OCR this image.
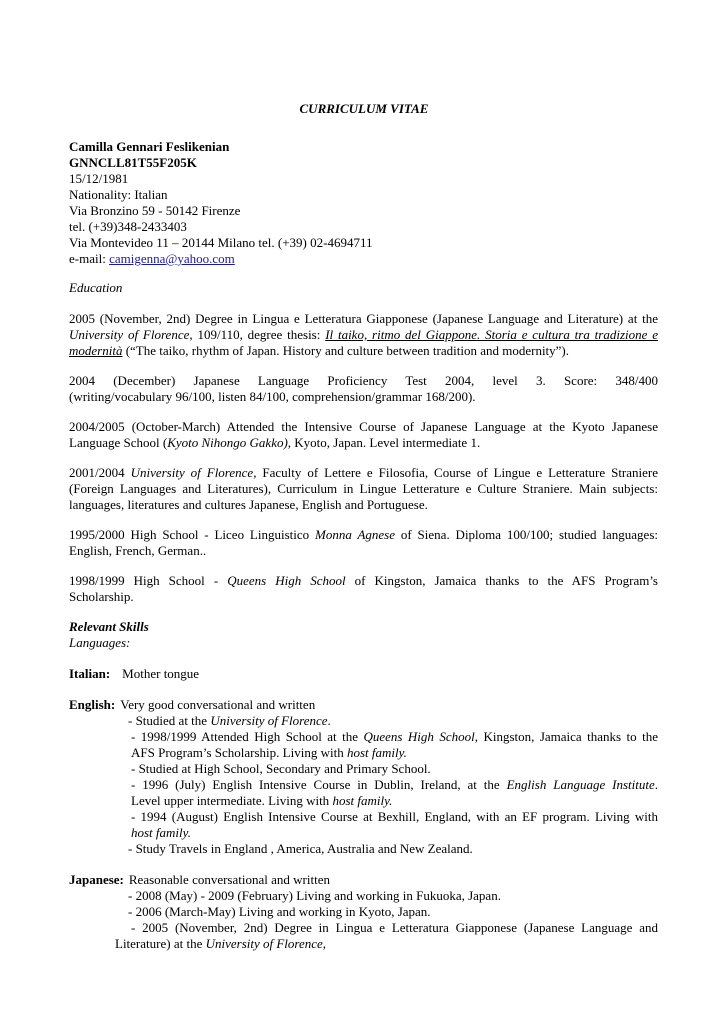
CURRICULUM VITAE
Camilla Gennari Feslikenian
GNNCLL81T55F205K
15/12/1981
Nationality: Italian
Via Bronzino 59 - 50142 Firenze
tel. (+39)348-2433403
Via Montevideo 11 – 20144 Milano tel. (+39) 02-4694711
e-mail: camigenna@yahoo.com
Education
2005 (November, 2nd) Degree in Lingua e Letteratura Giapponese (Japanese Language and Literature) at the
University of Florence, 109/110, degree thesis: Il taiko, ritmo del Giappone. Storia e cultura tra tradizione e
modernità (“The taiko, rhythm of Japan. History and culture between tradition and modernity”).
2004 (December) Japanese Language Proficiency Test 2004, level 3. Score: 348/400
(writing/vocabulary 96/100, listen 84/100, comprehension/grammar 168/200).
2004/2005 (October-March) Attended the Intensive Course of Japanese Language at the Kyoto Japanese
Language School (Kyoto Nihongo Gakko), Kyoto, Japan. Level intermediate 1.
2001/2004 University of Florence, Faculty of Lettere e Filosofia, Course of Lingue e Letterature Straniere
(Foreign Languages and Literatures), Curriculum in Lingue Letterature e Culture Straniere. Main subjects:
languages, literatures and cultures Japanese, English and Portuguese.
1995/2000 High School - Liceo Linguistico Monna Agnese of Siena. Diploma 100/100; studied languages:
English, French, German..
1998/1999 High School - Queens High School of Kingston, Jamaica thanks to the AFS Program’s
Scholarship.
Relevant Skills
Languages:
Italian: Mother tongue
English: Very good conversational and written
- Studied at the University of Florence.
- 1998/1999 Attended High School at the Queens High School, Kingston, Jamaica thanks to the
AFS Program’s Scholarship. Living with host family.
- Studied at High School, Secondary and Primary School.
- 1996 (July) English Intensive Course in Dublin, Ireland, at the English Language Institute.
Level upper intermediate. Living with host family.
- 1994 (August) English Intensive Course at Bexhill, England, with an EF program. Living with
host family.
- Study Travels in England , America, Australia and New Zealand.
Japanese: Reasonable conversational and written
- 2008 (May) - 2009 (February) Living and working in Fukuoka, Japan.
- 2006 (March-May) Living and working in Kyoto, Japan.
- 2005 (November, 2nd) Degree in Lingua e Letteratura Giapponese (Japanese Language and
Literature) at the University of Florence,
